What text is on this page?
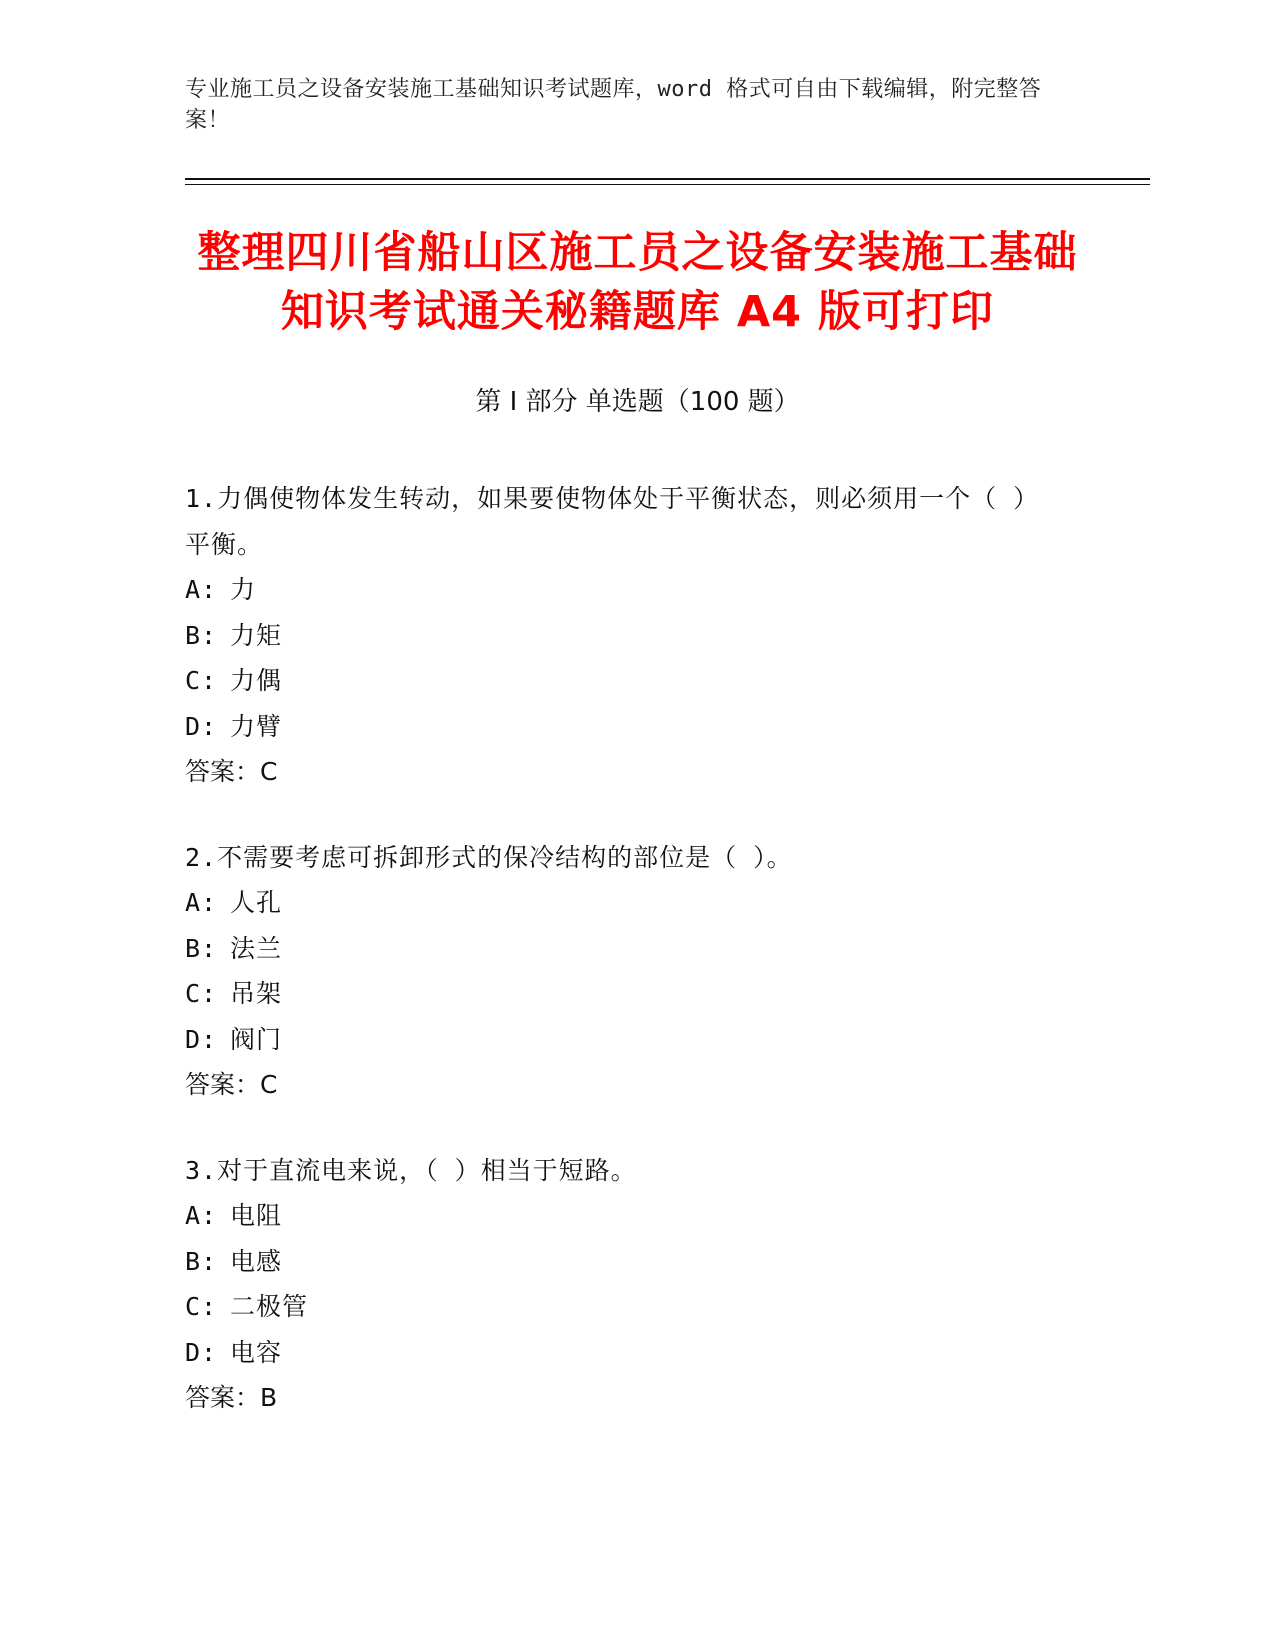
专业施工员之设备安装施工基础知识考试题库，word 格式可自由下载编辑，附完整答案！
整理四川省船山区施工员之设备安装施工基础知识考试通关秘籍题库 A4 版可打印
第 I 部分 单选题（100 题）

1.力偶使物体发生转动，如果要使物体处于平衡状态，则必须用一个（ ）平衡。

A: 力

B: 力矩

C: 力偶

D: 力臂

答案：C

2.不需要考虑可拆卸形式的保冷结构的部位是（ ）。

A: 人孔

B: 法兰

C: 吊架

D: 阀门

答案：C

3.对于直流电来说，（ ）相当于短路。

A: 电阻

B: 电感

C: 二极管

D: 电容

答案：B
